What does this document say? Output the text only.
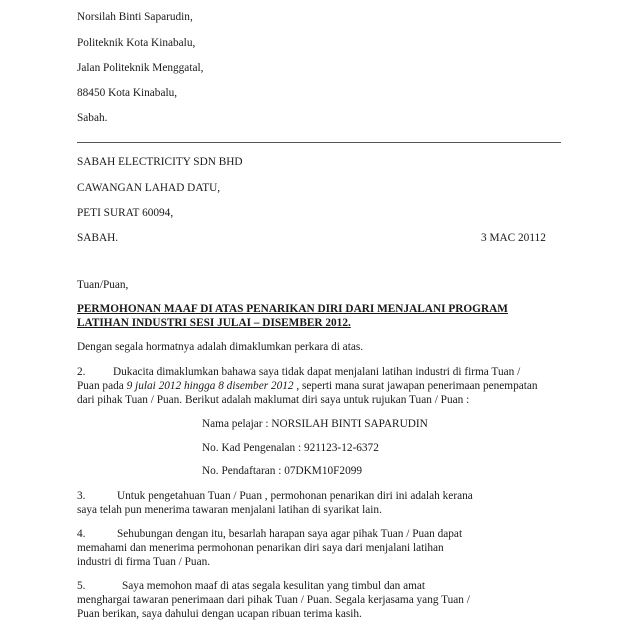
Norsilah Binti Saparudin,
Politeknik Kota Kinabalu,
Jalan Politeknik Menggatal,
88450 Kota Kinabalu,
Sabah.
SABAH ELECTRICITY SDN BHD
CAWANGAN LAHAD DATU,
PETI SURAT 60094,
SABAH.	3 MAC 20112
Tuan/Puan,
PERMOHONAN MAAF DI ATAS PENARIKAN DIRI DARI MENJALANI PROGRAM
LATIHAN INDUSTRI SESI JULAI – DISEMBER 2012.
Dengan segala hormatnya adalah dimaklumkan perkara di atas.
2. Dukacita dimaklumkan bahawa saya tidak dapat menjalani latihan industri di firma Tuan /
Puan pada 9 julai 2012 hingga 8 disember 2012 , seperti mana surat jawapan penerimaan penempatan
dari pihak Tuan / Puan. Berikut adalah maklumat diri saya untuk rujukan Tuan / Puan :
Nama pelajar : NORSILAH BINTI SAPARUDIN
No. Kad Pengenalan : 921123-12-6372
No. Pendaftaran : 07DKM10F2099
3.	Untuk pengetahuan Tuan / Puan , permohonan penarikan diri ini adalah kerana
saya telah pun menerima tawaran menjalani latihan di syarikat lain.
4.	Sehubungan dengan itu, besarlah harapan saya agar pihak Tuan / Puan dapat
memahami dan menerima permohonan penarikan diri saya dari menjalani latihan
industri di firma Tuan / Puan.
5.	Saya memohon maaf di atas segala kesulitan yang timbul dan amat
menghargai tawaran penerimaan dari pihak Tuan / Puan. Segala kerjasama yang Tuan /
Puan berikan, saya dahului dengan ucapan ribuan terima kasih.
